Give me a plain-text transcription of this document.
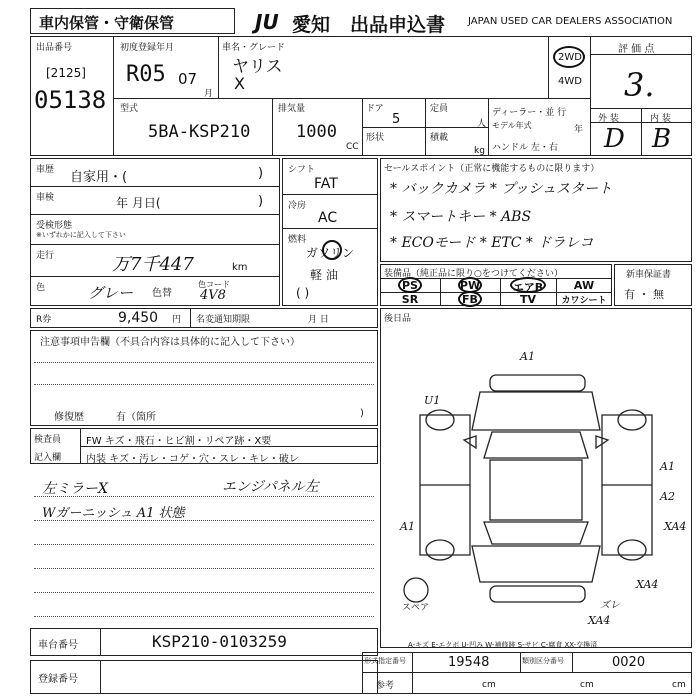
車内保管・守衛保管	JU 愛知 出品申込書 JAPAN USED CAR DEALERS ASSOCIATION
出品番号
[2125]
05138
初度登録年月
R05 07
月
車名・グレード
ヤリス
X
2WD
4WD
評 価 点
3.
外 装	内 装
D B
型式
5BA-KSP210
排気量
1000
CC
ドア
5
形状
定員
人
積載
kg
ディーラー・並 行
モデル年式	年
ハンドル 左・右
車歴 自家用・(	)
車検	年 月日(	)
受検形態
※いずれかに記入して下さい
走行	万7千447	km
色	グレー 色替
色コード
4V8
シフト
FAT
冷房
AC
燃料
ガソリン
軽 油
( )
セールスポイント（正常に機能するものに限ります）
* バックカメラ * プッシュスタート
* スマートキー * ABS
* ECOモード * ETC * ドラレコ
装備品（純正品に限り○をつけてください）
PS	PW	エアB	AW
SR	FB	TV	カワシート
新車保証書
有 ・ 無
R券	9,450 円 名変通知期限	月 日
注意事項申告欄（不具合内容は具体的に記入して下さい）
修復歴	有（箇所	)
検査員
記入欄
FW キズ・飛石・ヒビ割・リペア跡・X要
内装 キズ・汚レ・コゲ・穴・スレ・キレ・破レ
左ミラーX	エンジパネル左
Wガーニッシュ A1 状態
後日品
A1
U1
A1
A2
A1	XA4
XA4
ズレ
XA4
スペア
A-キズ E-エクボ U-凹み W-補修跡 S-サビ C-腐食 XX-交換済
車台番号	KSP210-0103259
登録番号
形式指定番号	19548	類別区分番号	0020
参考	cm	cm	cm
